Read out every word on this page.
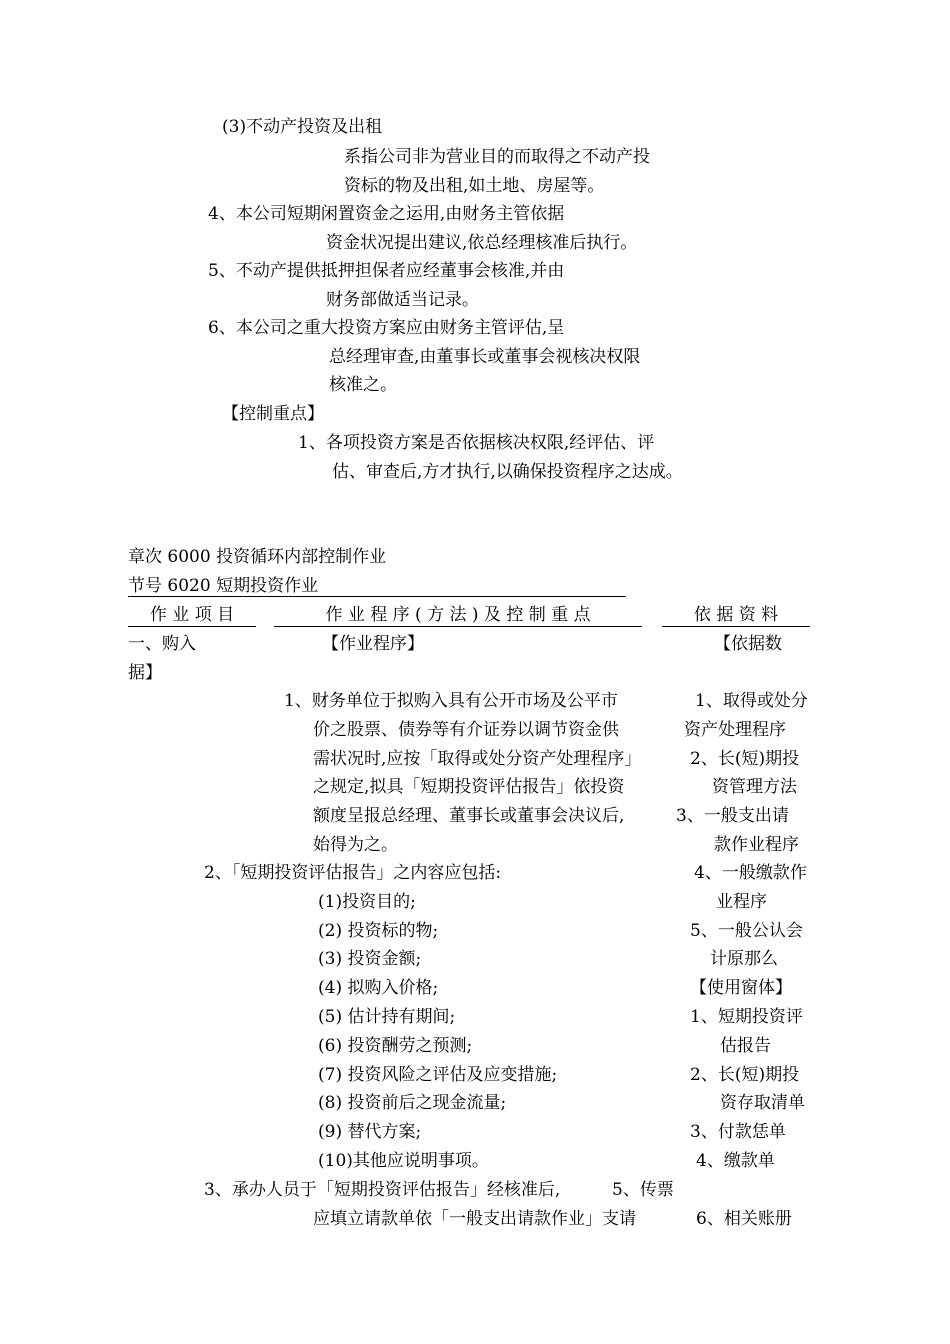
(3)不动产投资及出租
系指公司非为营业目的而取得之不动产投
资标的物及出租,如土地、房屋等。
4、本公司短期闲置资金之运用,由财务主管依据
资金状况提出建议,依总经理核准后执行。
5、不动产提供抵押担保者应经董事会核准,并由
财务部做适当记录。
6、本公司之重大投资方案应由财务主管评估,呈
总经理审查,由董事长或董事会视核决权限
核准之。
【控制重点】
1、各项投资方案是否依据核决权限,经评估、评
估、审查后,方才执行,以确保投资程序之达成。
章次 6000 投资循环内部控制作业
节号 6020 短期投资作业
作 业 项 目	作 业 程 序 ( 方 法 ) 及 控 制 重 点	依 据 资 料
一、购入
据】
【作业程序】
1、财务单位于拟购入具有公开市场及公平市
价之股票、债券等有介证券以调节资金供
需状况时,应按「取得或处分资产处理程序」
之规定,拟具「短期投资评估报告」依投资
额度呈报总经理、董事长或董事会决议后,
始得为之。
2、「短期投资评估报告」之内容应包括:
(1)投资目的;
(2) 投资标的物;
(3) 投资金额;
(4) 拟购入价格;
(5) 估计持有期间;
(6) 投资酬劳之预测;
(7) 投资风险之评估及应变措施;
(8) 投资前后之现金流量;
(9) 替代方案;
(10)其他应说明事项。
3、承办人员于「短期投资评估报告」经核准后,
应填立请款单依「一般支出请款作业」支请
【依据数
1、取得或处分
资产处理程序
2、长(短)期投
资管理方法
3、一般支出请
款作业程序
4、一般缴款作
业程序
5、一般公认会
计原那么
【使用窗体】
1、短期投资评
估报告
2、长(短)期投
资存取清单
3、付款恁单
4、缴款单
5、传票
6、相关账册
